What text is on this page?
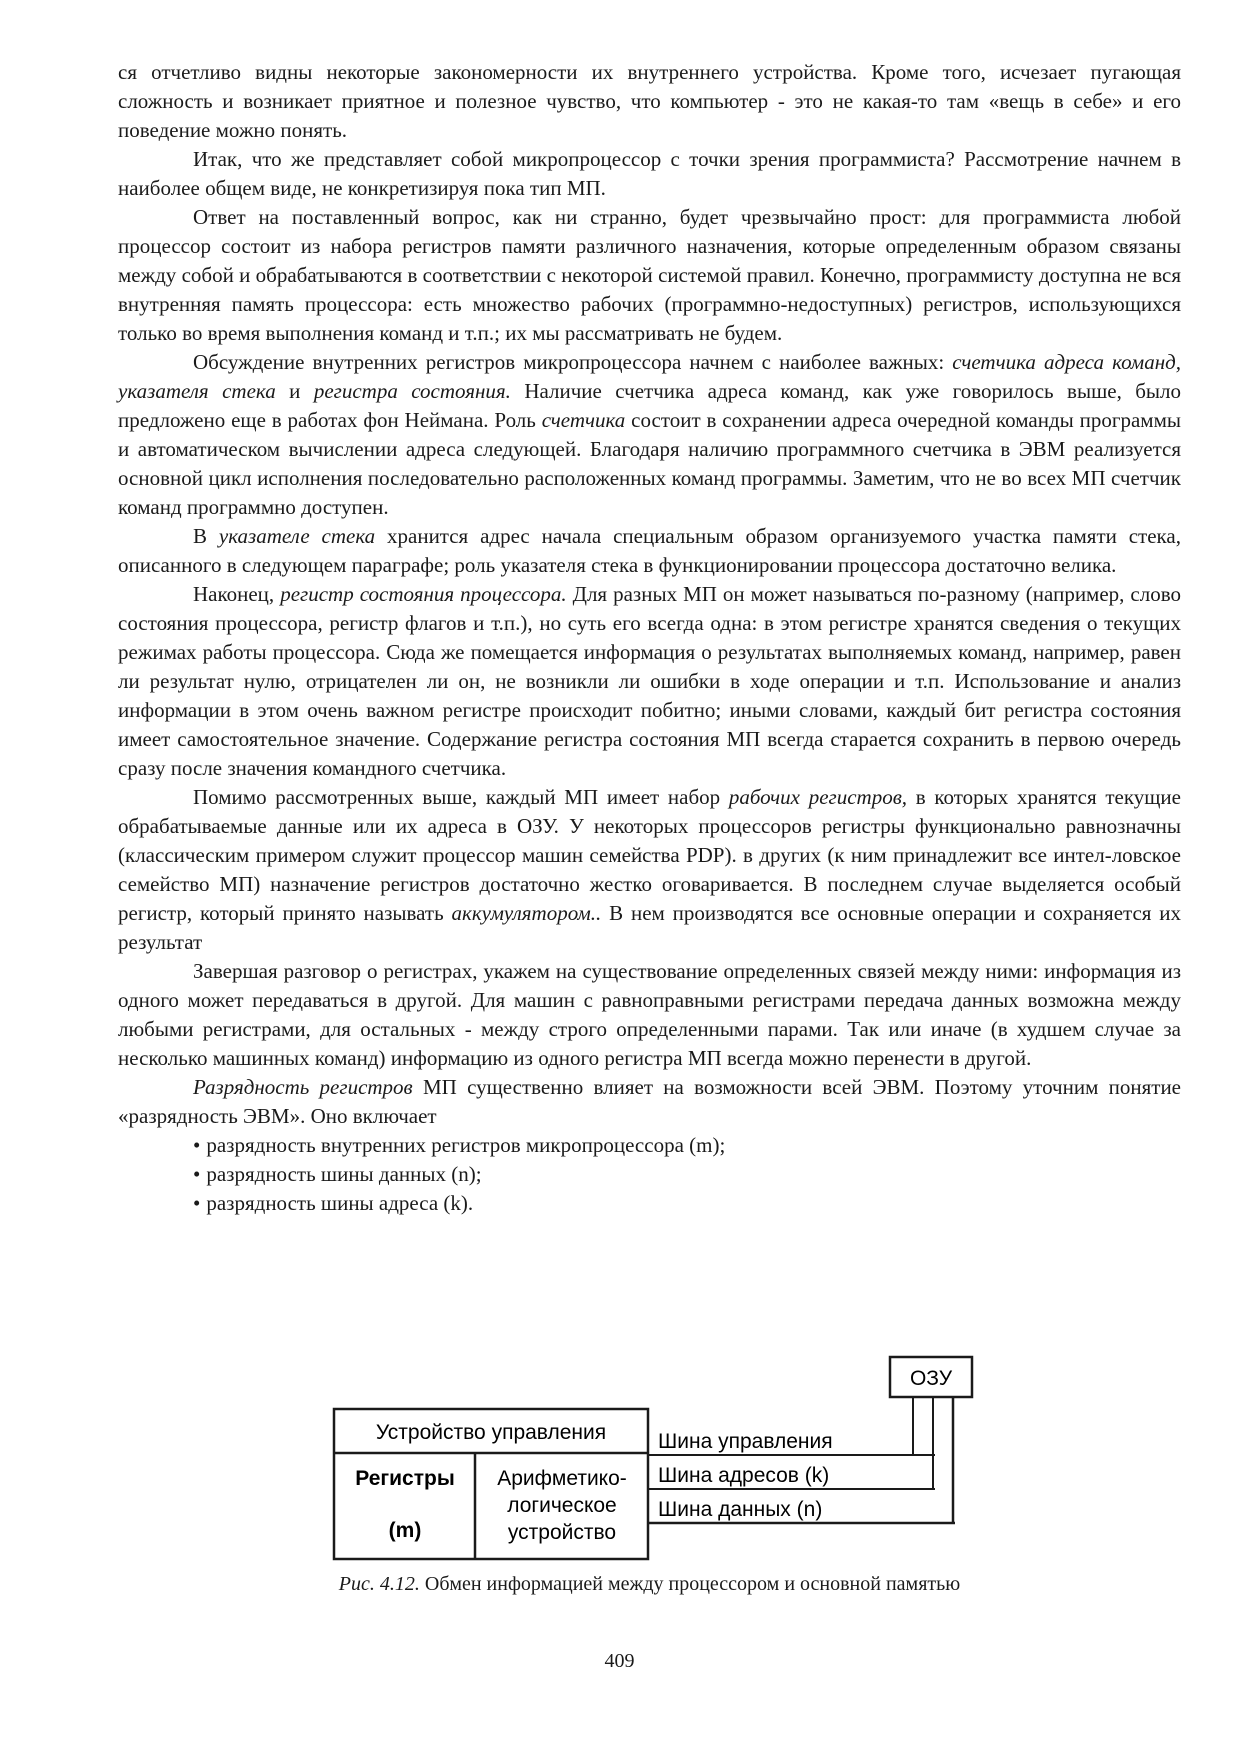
ся отчетливо видны некоторые закономерности их внутреннего устройства. Кроме того, исчезает пугающая сложность и возникает приятное и полезное чувство, что компьютер - это не какая-то там «вещь в себе» и его поведение можно понять.

Итак, что же представляет собой микропроцессор с точки зрения программиста? Рассмотрение начнем в наиболее общем виде, не конкретизируя пока тип МП.

Ответ на поставленный вопрос, как ни странно, будет чрезвычайно прост: для программиста любой процессор состоит из набора регистров памяти различного назначения, которые определенным образом связаны между собой и обрабатываются в соответствии с некоторой системой правил. Конечно, программисту доступна не вся внутренняя память процессора: есть множество рабочих (программно-недоступных) регистров, использующихся только во время выполнения команд и т.п.; их мы рассматривать не будем.

Обсуждение внутренних регистров микропроцессора начнем с наиболее важных: счетчика адреса команд, указателя стека и регистра состояния. Наличие счетчика адреса команд, как уже говорилось выше, было предложено еще в работах фон Неймана. Роль счетчика состоит в сохранении адреса очередной команды программы и автоматическом вычислении адреса следующей. Благодаря наличию программного счетчика в ЭВМ реализуется основной цикл исполнения последовательно расположенных команд программы. Заметим, что не во всех МП счетчик команд программно доступен.

В указателе стека хранится адрес начала специальным образом организуемого участка памяти стека, описанного в следующем параграфе; роль указателя стека в функционировании процессора достаточно велика.

Наконец, регистр состояния процессора. Для разных МП он может называться по-разному (например, слово состояния процессора, регистр флагов и т.п.), но суть его всегда одна: в этом регистре хранятся сведения о текущих режимах работы процессора. Сюда же помещается информация о результатах выполняемых команд, например, равен ли результат нулю, отрицателен ли он, не возникли ли ошибки в ходе операции и т.п. Использование и анализ информации в этом очень важном регистре происходит побитно; иными словами, каждый бит регистра состояния имеет самостоятельное значение. Содержание регистра состояния МП всегда старается сохранить в первою очередь сразу после значения командного счетчика.

Помимо рассмотренных выше, каждый МП имеет набор рабочих регистров, в которых хранятся текущие обрабатываемые данные или их адреса в ОЗУ. У некоторых процессоров регистры функционально равнозначны (классическим примером служит процессор машин семейства PDP). в других (к ним принадлежит все интел-ловское семейство МП) назначение регистров достаточно жестко оговаривается. В последнем случае выделяется особый регистр, который принято называть аккумулятором.. В нем производятся все основные операции и сохраняется их результат

Завершая разговор о регистрах, укажем на существование определенных связей между ними: информация из одного может передаваться в другой. Для машин с равноправными регистрами передача данных возможна между любыми регистрами, для остальных - между строго определенными парами. Так или иначе (в худшем случае за несколько машинных команд) информацию из одного регистра МП всегда можно перенести в другой.

Разрядность регистров МП существенно влияет на возможности всей ЭВМ. Поэтому уточним понятие «разрядность ЭВМ». Оно включает

• разрядность внутренних регистров микропроцессора (m);
• разрядность шины данных (n);
• разрядность шины адреса (k).
ОЗУ
Устройство управления
Регистры
(m)
Арифметико-
логическое
устройство
Шина управления
Шина адресов (k)
Шина данных (n)
Рис. 4.12. Обмен информацией между процессором и основной памятью
409
